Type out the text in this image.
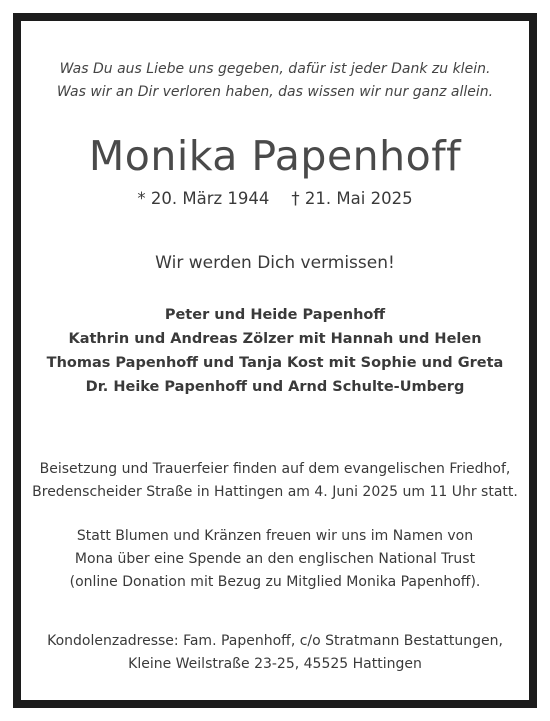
Was Du aus Liebe uns gegeben, dafür ist jeder Dank zu klein.
Was wir an Dir verloren haben, das wissen wir nur ganz allein.
Monika Papenhoff
* 20. März 1944 † 21. Mai 2025
Wir werden Dich vermissen!
Peter und Heide Papenhoff
Kathrin und Andreas Zölzer mit Hannah und Helen
Thomas Papenhoff und Tanja Kost mit Sophie und Greta
Dr. Heike Papenhoff und Arnd Schulte-Umberg
Beisetzung und Trauerfeier finden auf dem evangelischen Friedhof,
Bredenscheider Straße in Hattingen am 4. Juni 2025 um 11 Uhr statt.
Statt Blumen und Kränzen freuen wir uns im Namen von
Mona über eine Spende an den englischen National Trust
(online Donation mit Bezug zu Mitglied Monika Papenhoff).
Kondolenzadresse: Fam. Papenhoff, c/o Stratmann Bestattungen,
Kleine Weilstraße 23-25, 45525 Hattingen
